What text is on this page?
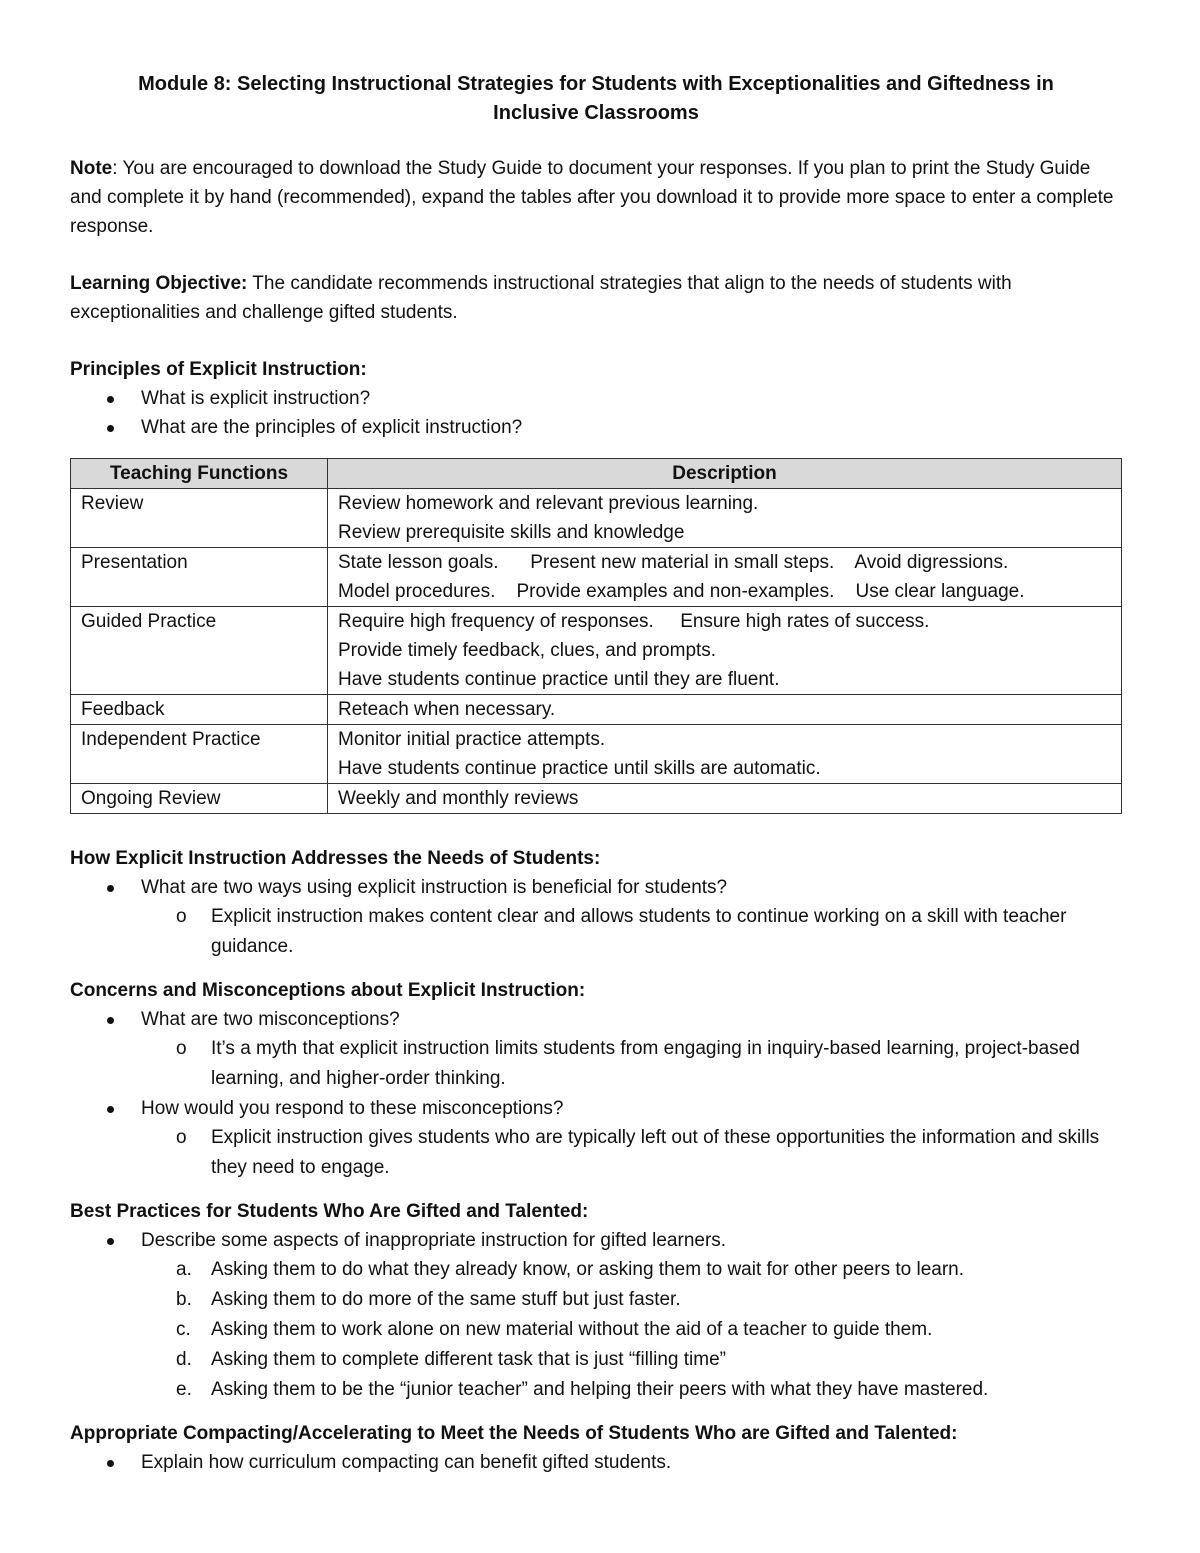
Module 8: Selecting Instructional Strategies for Students with Exceptionalities and Giftedness in
Inclusive Classrooms

Note: You are encouraged to download the Study Guide to document your responses. If you plan to print the Study Guide and complete it by hand (recommended), expand the tables after you download it to provide more space to enter a complete response.

Learning Objective: The candidate recommends instructional strategies that align to the needs of students with exceptionalities and challenge gifted students.

Principles of Explicit Instruction:

What is explicit instruction?
What are the principles of explicit instruction?
Teaching Functions	Description
Review	Review homework and relevant previous learning.
Review prerequisite skills and knowledge

Presentation	State lesson goals.      Present new material in small steps.    Avoid digressions.
Model procedures.    Provide examples and non-examples.    Use clear language.

Guided Practice	Require high frequency of responses.     Ensure high rates of success.
Provide timely feedback, clues, and prompts.
Have students continue practice until they are fluent.

Feedback	Reteach when necessary.

Independent Practice	Monitor initial practice attempts.
Have students continue practice until skills are automatic.

Ongoing Review	Weekly and monthly reviews

How Explicit Instruction Addresses the Needs of Students:

What are two ways using explicit instruction is beneficial for students?
o Explicit instruction makes content clear and allows students to continue working on a skill with teacher guidance.

Concerns and Misconceptions about Explicit Instruction:

What are two misconceptions?
o It’s a myth that explicit instruction limits students from engaging in inquiry-based learning, project-based learning, and higher-order thinking.
How would you respond to these misconceptions?
o Explicit instruction gives students who are typically left out of these opportunities the information and skills they need to engage.

Best Practices for Students Who Are Gifted and Talented:

Describe some aspects of inappropriate instruction for gifted learners.
a. Asking them to do what they already know, or asking them to wait for other peers to learn.
b. Asking them to do more of the same stuff but just faster.
c. Asking them to work alone on new material without the aid of a teacher to guide them.
d. Asking them to complete different task that is just “filling time”
e. Asking them to be the “junior teacher” and helping their peers with what they have mastered.

Appropriate Compacting/Accelerating to Meet the Needs of Students Who are Gifted and Talented:

Explain how curriculum compacting can benefit gifted students.
